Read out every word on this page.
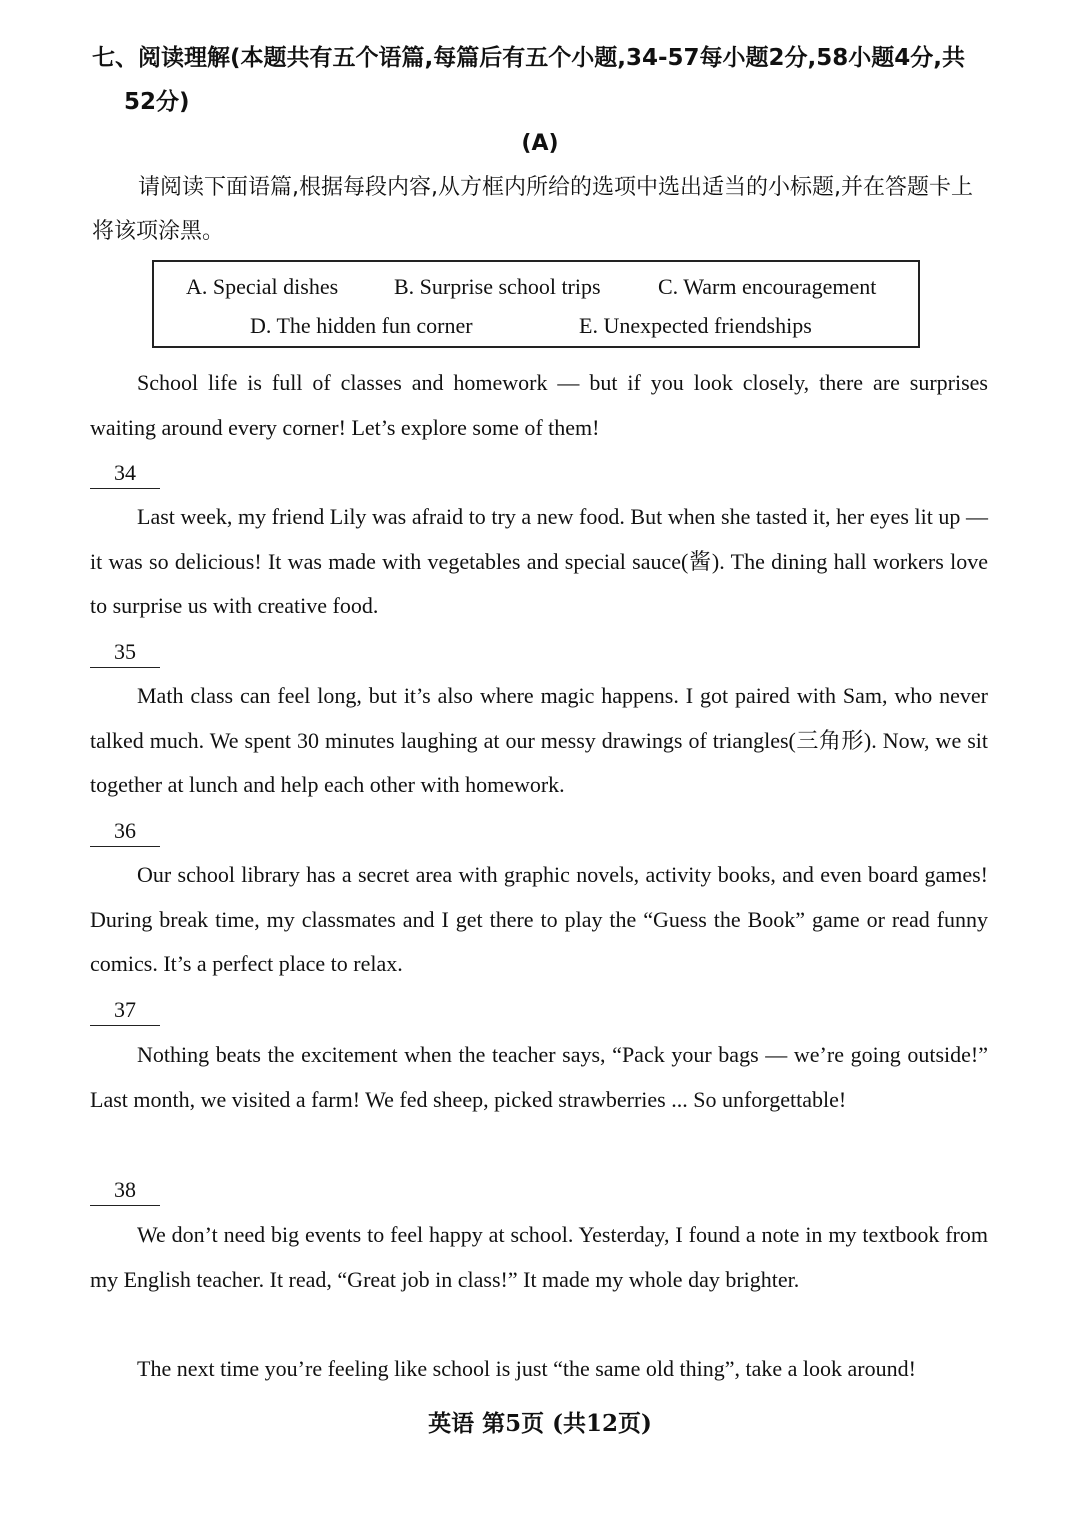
七、阅读理解(本题共有五个语篇,每篇后有五个小题,34-57每小题2分,58小题4分,共
52分)
(A)
请阅读下面语篇,根据每段内容,从方框内所给的选项中选出适当的小标题,并在答题卡上将该项涂黑。
A. Special dishes	B. Surprise school trips	C. Warm encouragement
D. The hidden fun corner	E. Unexpected friendships
School life is full of classes and homework — but if you look closely, there are surprises waiting around every corner! Let’s explore some of them!
34
Last week, my friend Lily was afraid to try a new food. But when she tasted it, her eyes lit up — it was so delicious! It was made with vegetables and special sauce(酱). The dining hall workers love to surprise us with creative food.
35
Math class can feel long, but it’s also where magic happens. I got paired with Sam, who never talked much. We spent 30 minutes laughing at our messy drawings of triangles(三角形). Now, we sit together at lunch and help each other with homework.
36
Our school library has a secret area with graphic novels, activity books, and even board games! During break time, my classmates and I get there to play the “Guess the Book” game or read funny comics. It’s a perfect place to relax.
37
Nothing beats the excitement when the teacher says, “Pack your bags — we’re going outside!” Last month, we visited a farm! We fed sheep, picked strawberries ... So unforgettable!
38
We don’t need big events to feel happy at school. Yesterday, I found a note in my textbook from my English teacher. It read, “Great job in class!” It made my whole day brighter.
The next time you’re feeling like school is just “the same old thing”, take a look around!
英语 第5页 (共12页)
